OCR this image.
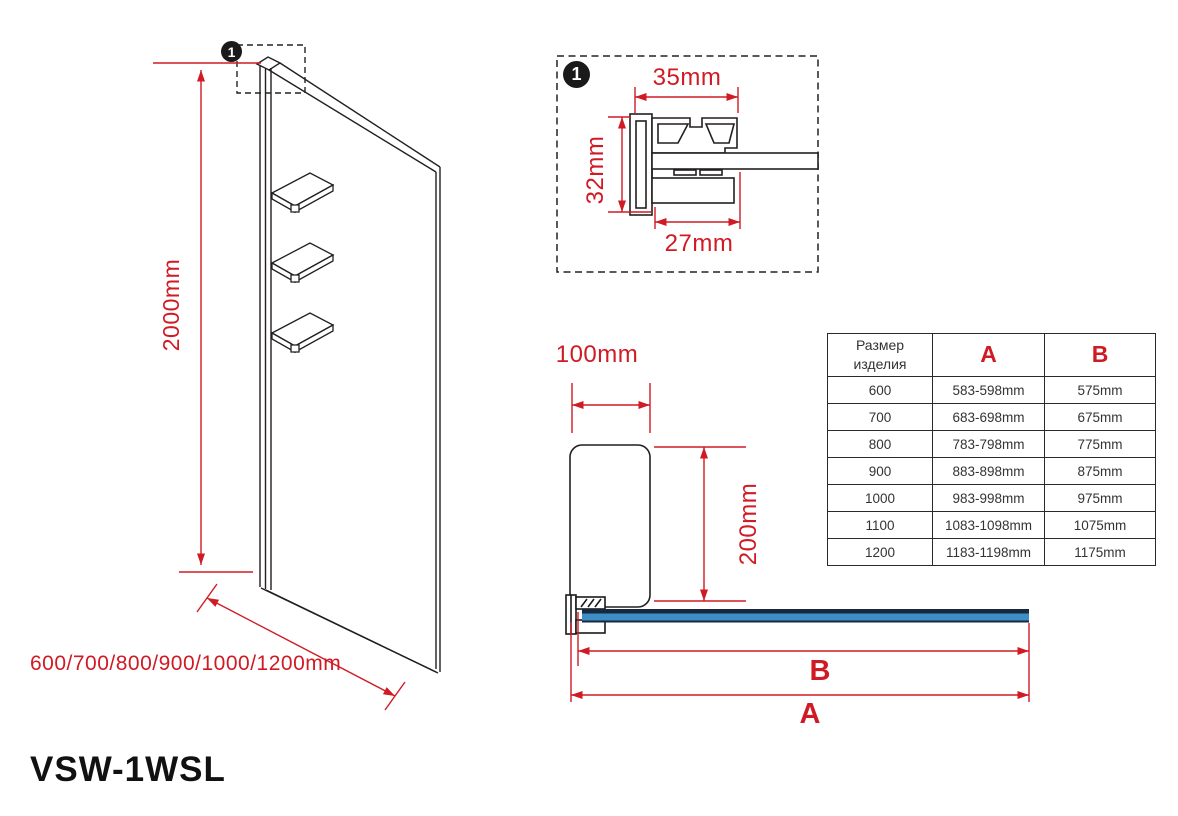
1
1
2000mm
600/700/800/900/1000/1200mm
35mm
32mm
27mm
100mm
200mm
B
A
VSW-1WSL
Размер изделия	A	B
600	583-598mm	575mm
700	683-698mm	675mm
800	783-798mm	775mm
900	883-898mm	875mm
1000	983-998mm	975mm
1100	1083-1098mm	1075mm
1200	1183-1198mm	1175mm
